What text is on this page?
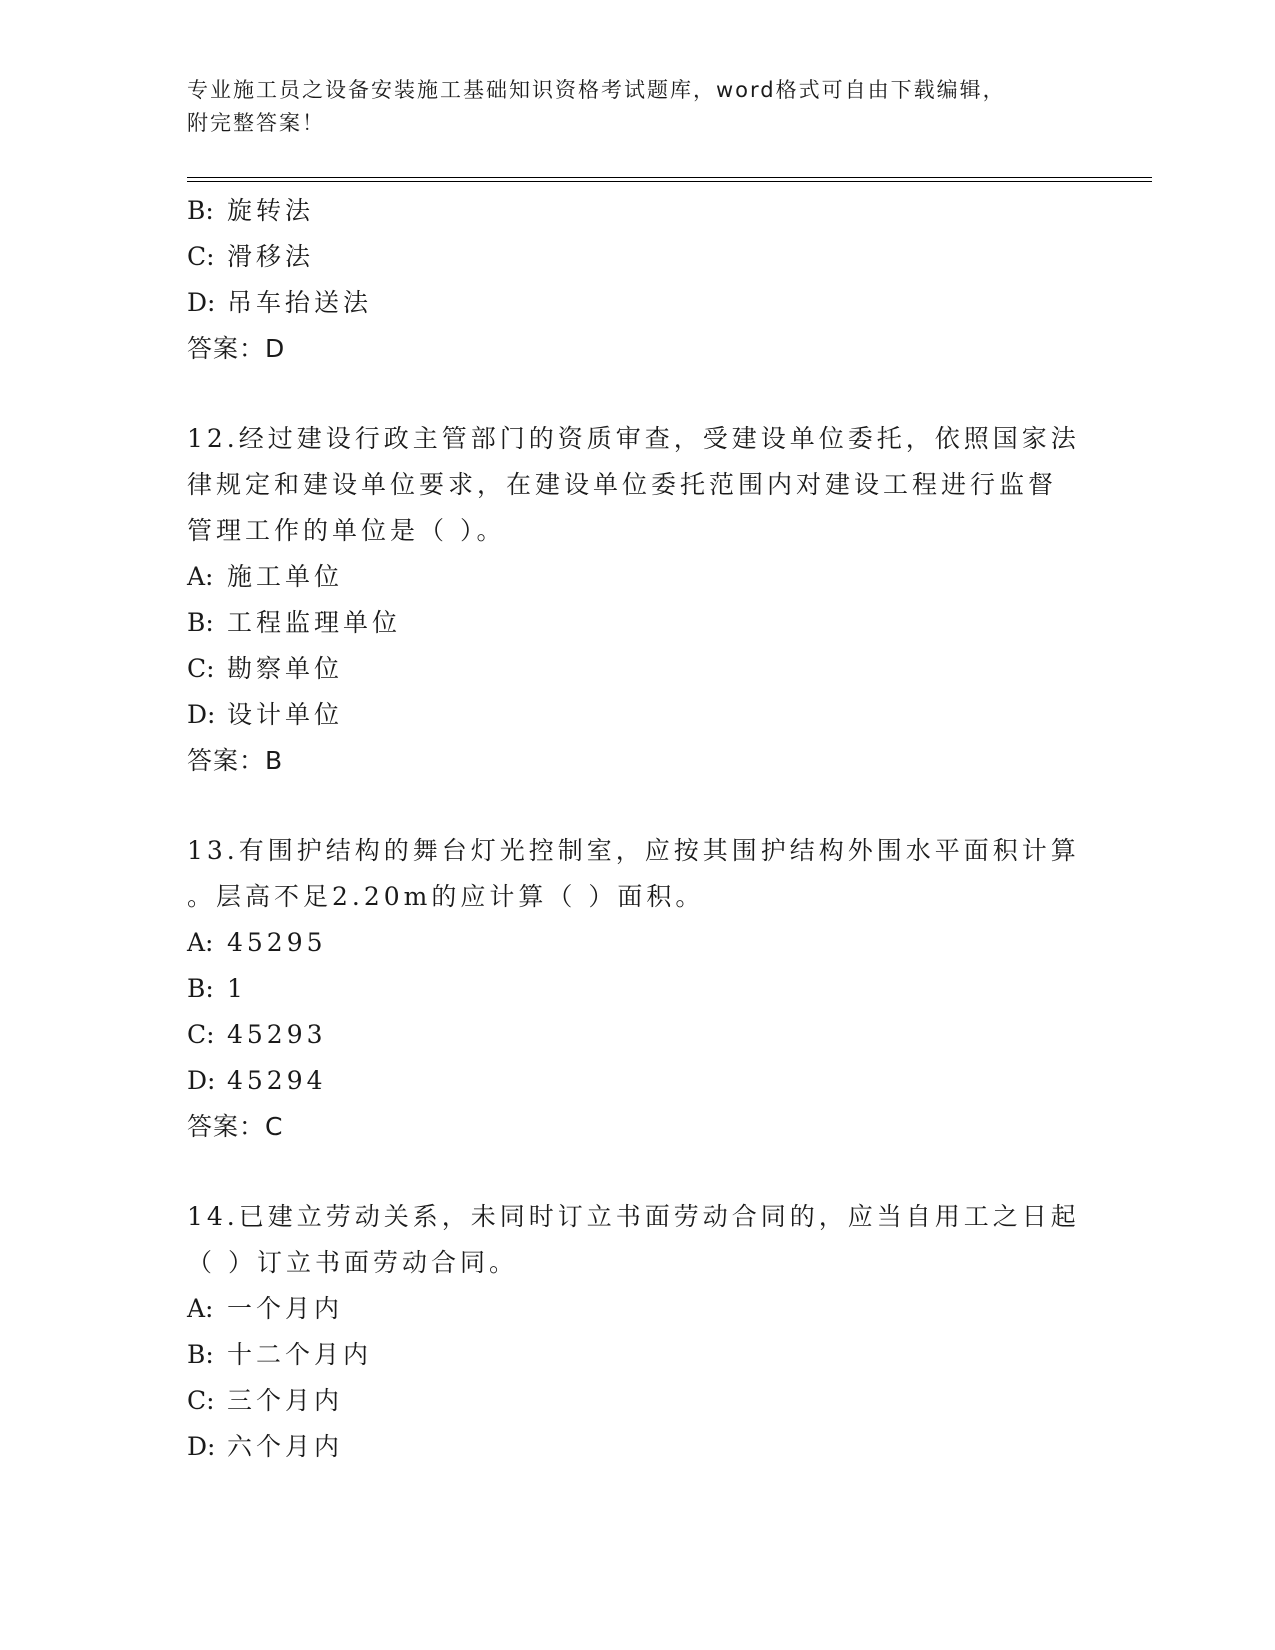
专业施工员之设备安装施工基础知识资格考试题库，word格式可自由下载编辑，
附完整答案！
B: 旋转法
C: 滑移法
D: 吊车抬送法
答案：D
12.经过建设行政主管部门的资质审查，受建设单位委托，依照国家法
律规定和建设单位要求，在建设单位委托范围内对建设工程进行监督
管理工作的单位是（ ）。
A: 施工单位
B: 工程监理单位
C: 勘察单位
D: 设计单位
答案：B
13.有围护结构的舞台灯光控制室，应按其围护结构外围水平面积计算
。层高不足2.20m的应计算（ ）面积。
A: 45295
B: 1
C: 45293
D: 45294
答案：C
14.已建立劳动关系，未同时订立书面劳动合同的，应当自用工之日起
（ ）订立书面劳动合同。
A: 一个月内
B: 十二个月内
C: 三个月内
D: 六个月内
